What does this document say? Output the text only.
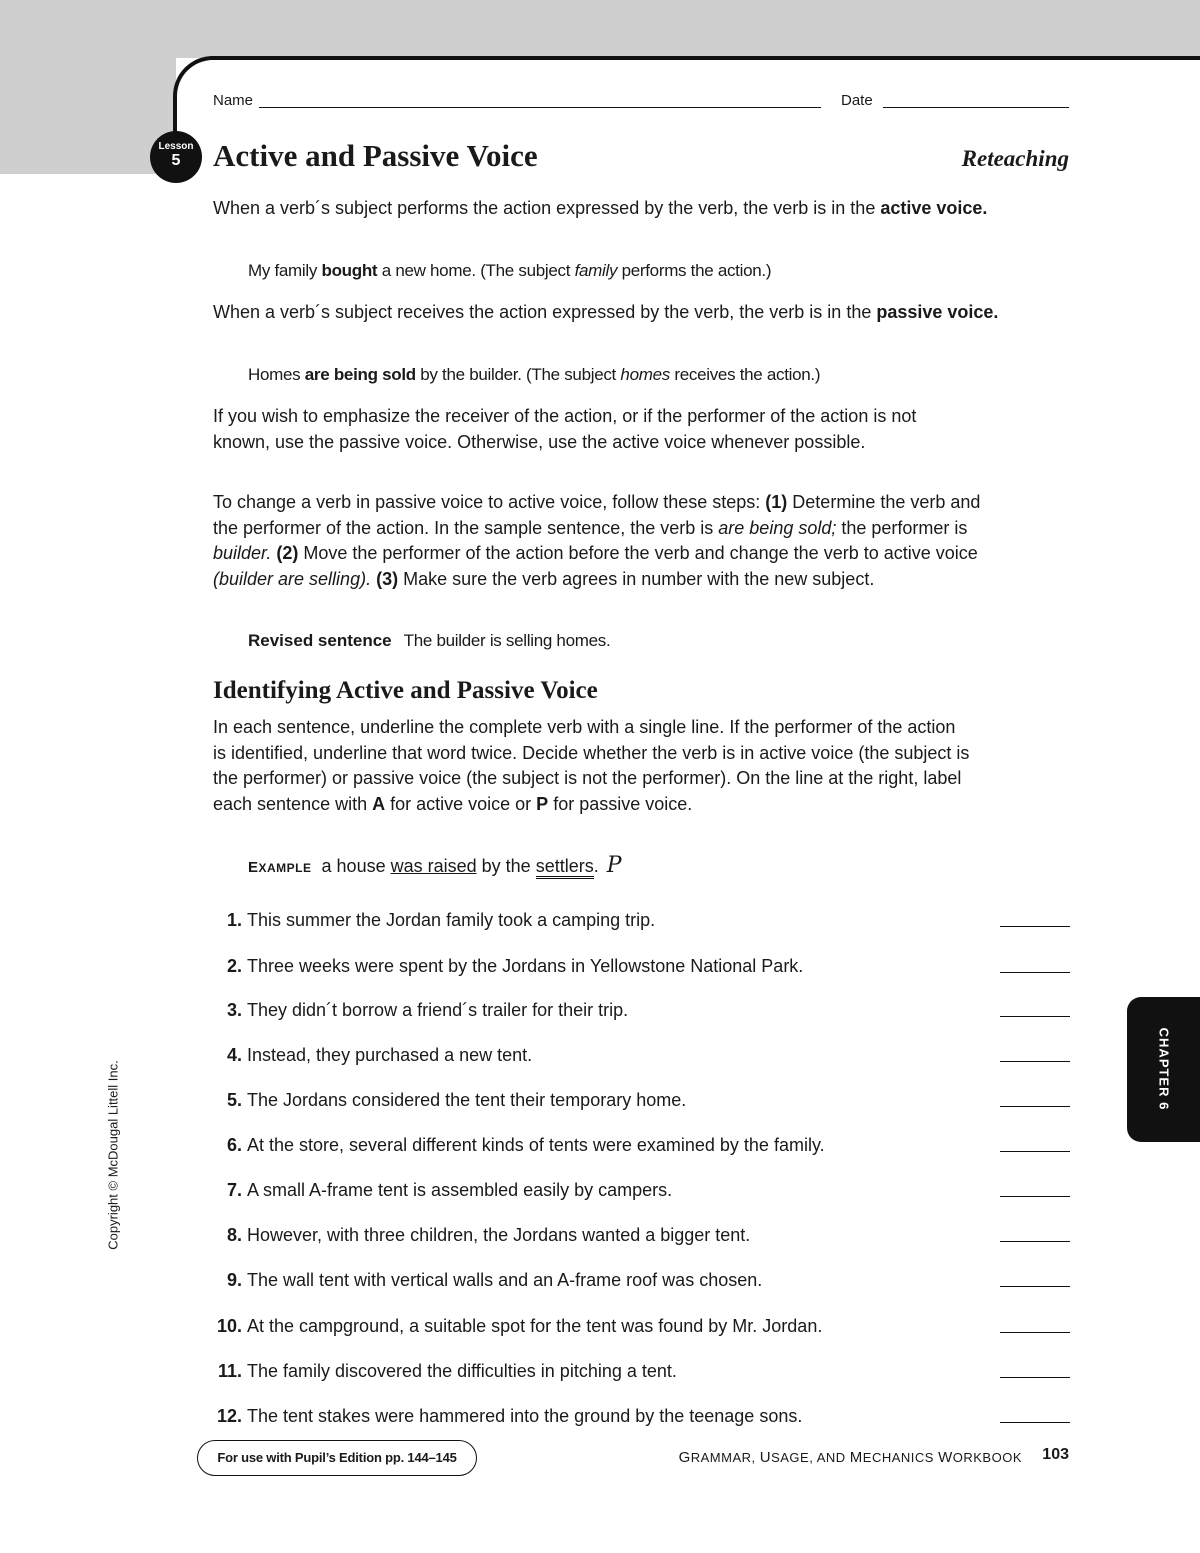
Name	Date
Lesson
5	Active and Passive Voice	Reteaching
When a verb´s subject performs the action expressed by the verb, the verb is in the active voice.
My family bought a new home. (The subject family performs the action.)
When a verb´s subject receives the action expressed by the verb, the verb is in the passive voice.
Homes are being sold by the builder. (The subject homes receives the action.)
If you wish to emphasize the receiver of the action, or if the performer of the action is not known, use the passive voice. Otherwise, use the active voice whenever possible.
To change a verb in passive voice to active voice, follow these steps: (1) Determine the verb and the performer of the action. In the sample sentence, the verb is are being sold; the performer is builder. (2) Move the performer of the action before the verb and change the verb to active voice (builder are selling). (3) Make sure the verb agrees in number with the new subject.
Revised sentence The builder is selling homes.
Identifying Active and Passive Voice
In each sentence, underline the complete verb with a single line. If the performer of the action is identified, underline that word twice. Decide whether the verb is in active voice (the subject is the performer) or passive voice (the subject is not the performer). On the line at the right, label each sentence with A for active voice or P for passive voice.
EXAMPLE a house was raised by the settlers. P
1. This summer the Jordan family took a camping trip.
2. Three weeks were spent by the Jordans in Yellowstone National Park.
3. They didn´t borrow a friend´s trailer for their trip.
4. Instead, they purchased a new tent.
5. The Jordans considered the tent their temporary home.
6. At the store, several different kinds of tents were examined by the family.
7. A small A-frame tent is assembled easily by campers.
8. However, with three children, the Jordans wanted a bigger tent.
9. The wall tent with vertical walls and an A-frame roof was chosen.
10. At the campground, a suitable spot for the tent was found by Mr. Jordan.
11. The family discovered the difficulties in pitching a tent.
12. The tent stakes were hammered into the ground by the teenage sons.
Copyright © McDougal Littell Inc.	CHAPTER 6
For use with Pupil’s Edition pp. 144–145	GRAMMAR, USAGE, AND MECHANICS WORKBOOK 103
